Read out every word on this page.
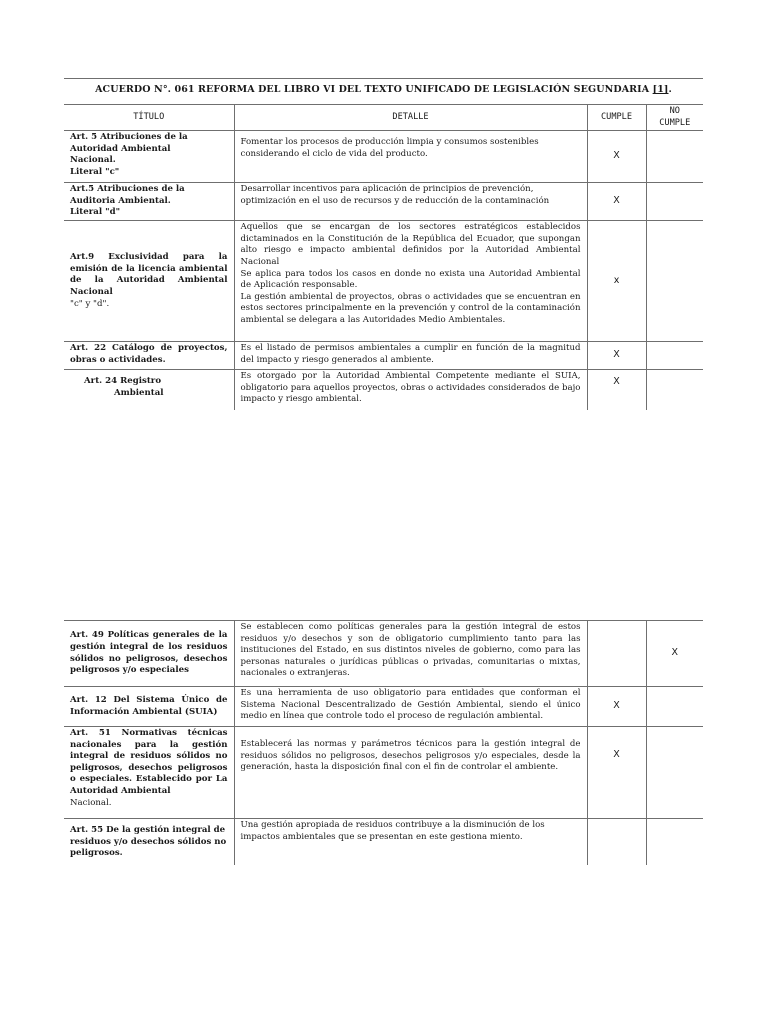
ACUERDO N°. 061 REFORMA DEL LIBRO VI DEL TEXTO UNIFICADO DE LEGISLACIÓN SEGUNDARIA [1].
TÍTULO	DETALLE	CUMPLE	NO
CUMPLE

Art. 5 Atribuciones de la
Autoridad Ambiental
Nacional.
Literal "c"	Fomentar los procesos de producción limpia y consumos sostenibles considerando el ciclo de vida del producto.	X	

Art.5 Atribuciones de la
Auditoria Ambiental.
Literal "d"	Desarrollar incentivos para aplicación de principios de prevención, optimización en el uso de recursos y de reducción de la contaminación	X	

Art.9 Exclusividad para la emisión de la licencia ambiental de la Autoridad Ambiental Nacional
"c" y "d".	Aquellos que se encargan de los sectores estratégicos establecidos dictaminados en la Constitución de la República del Ecuador, que supongan alto riesgo e impacto ambiental definidos por la Autoridad Ambiental Nacional
Se aplica para todos los casos en donde no exista una Autoridad Ambiental de Aplicación responsable.
La gestión ambiental de proyectos, obras o actividades que se encuentran en estos sectores principalmente en la prevención y control de la contaminación ambiental se delegara a las Autoridades Medio Ambientales.	x	
Art. 22 Catálogo de proyectos, obras o actividades.	Es el listado de permisos ambientales a cumplir en función de la magnitud del impacto y riesgo generados al ambiente.	X	

Art. 24 Registro
Ambiental	Es otorgado por la Autoridad Ambiental Competente mediante el SUIA, obligatorio para aquellos proyectos, obras o actividades considerados de bajo impacto y riesgo ambiental.	X	
Art. 49 Políticas generales de la gestión integral de los residuos sólidos no peligrosos, desechos peligrosos y/o especiales	Se establecen como políticas generales para la gestión integral de estos residuos y/o desechos y son de obligatorio cumplimiento tanto para las instituciones del Estado, en sus distintos niveles de gobierno, como para las personas naturales o jurídicas públicas o privadas, comunitarias o mixtas, nacionales o extranjeras.		X
Art. 12 Del Sistema Único de Información Ambiental (SUIA)	Es una herramienta de uso obligatorio para entidades que conforman el Sistema Nacional Descentralizado de Gestión Ambiental, siendo el único medio en línea que controle todo el proceso de regulación ambiental.	X	

Art. 51 Normativas técnicas nacionales para la gestión integral de residuos sólidos no peligrosos, desechos peligrosos o especiales. Establecido por La Autoridad Ambiental
Nacional.	Establecerá las normas y parámetros técnicos para la gestión integral de residuos sólidos no peligrosos, desechos peligrosos y/o especiales, desde la generación, hasta la disposición final con el fin de controlar el ambiente.	X	
Art. 55 De la gestión integral de residuos y/o desechos sólidos no peligrosos.	Una gestión apropiada de residuos contribuye a la disminución de los impactos ambientales que se presentan en este gestiona miento.		
